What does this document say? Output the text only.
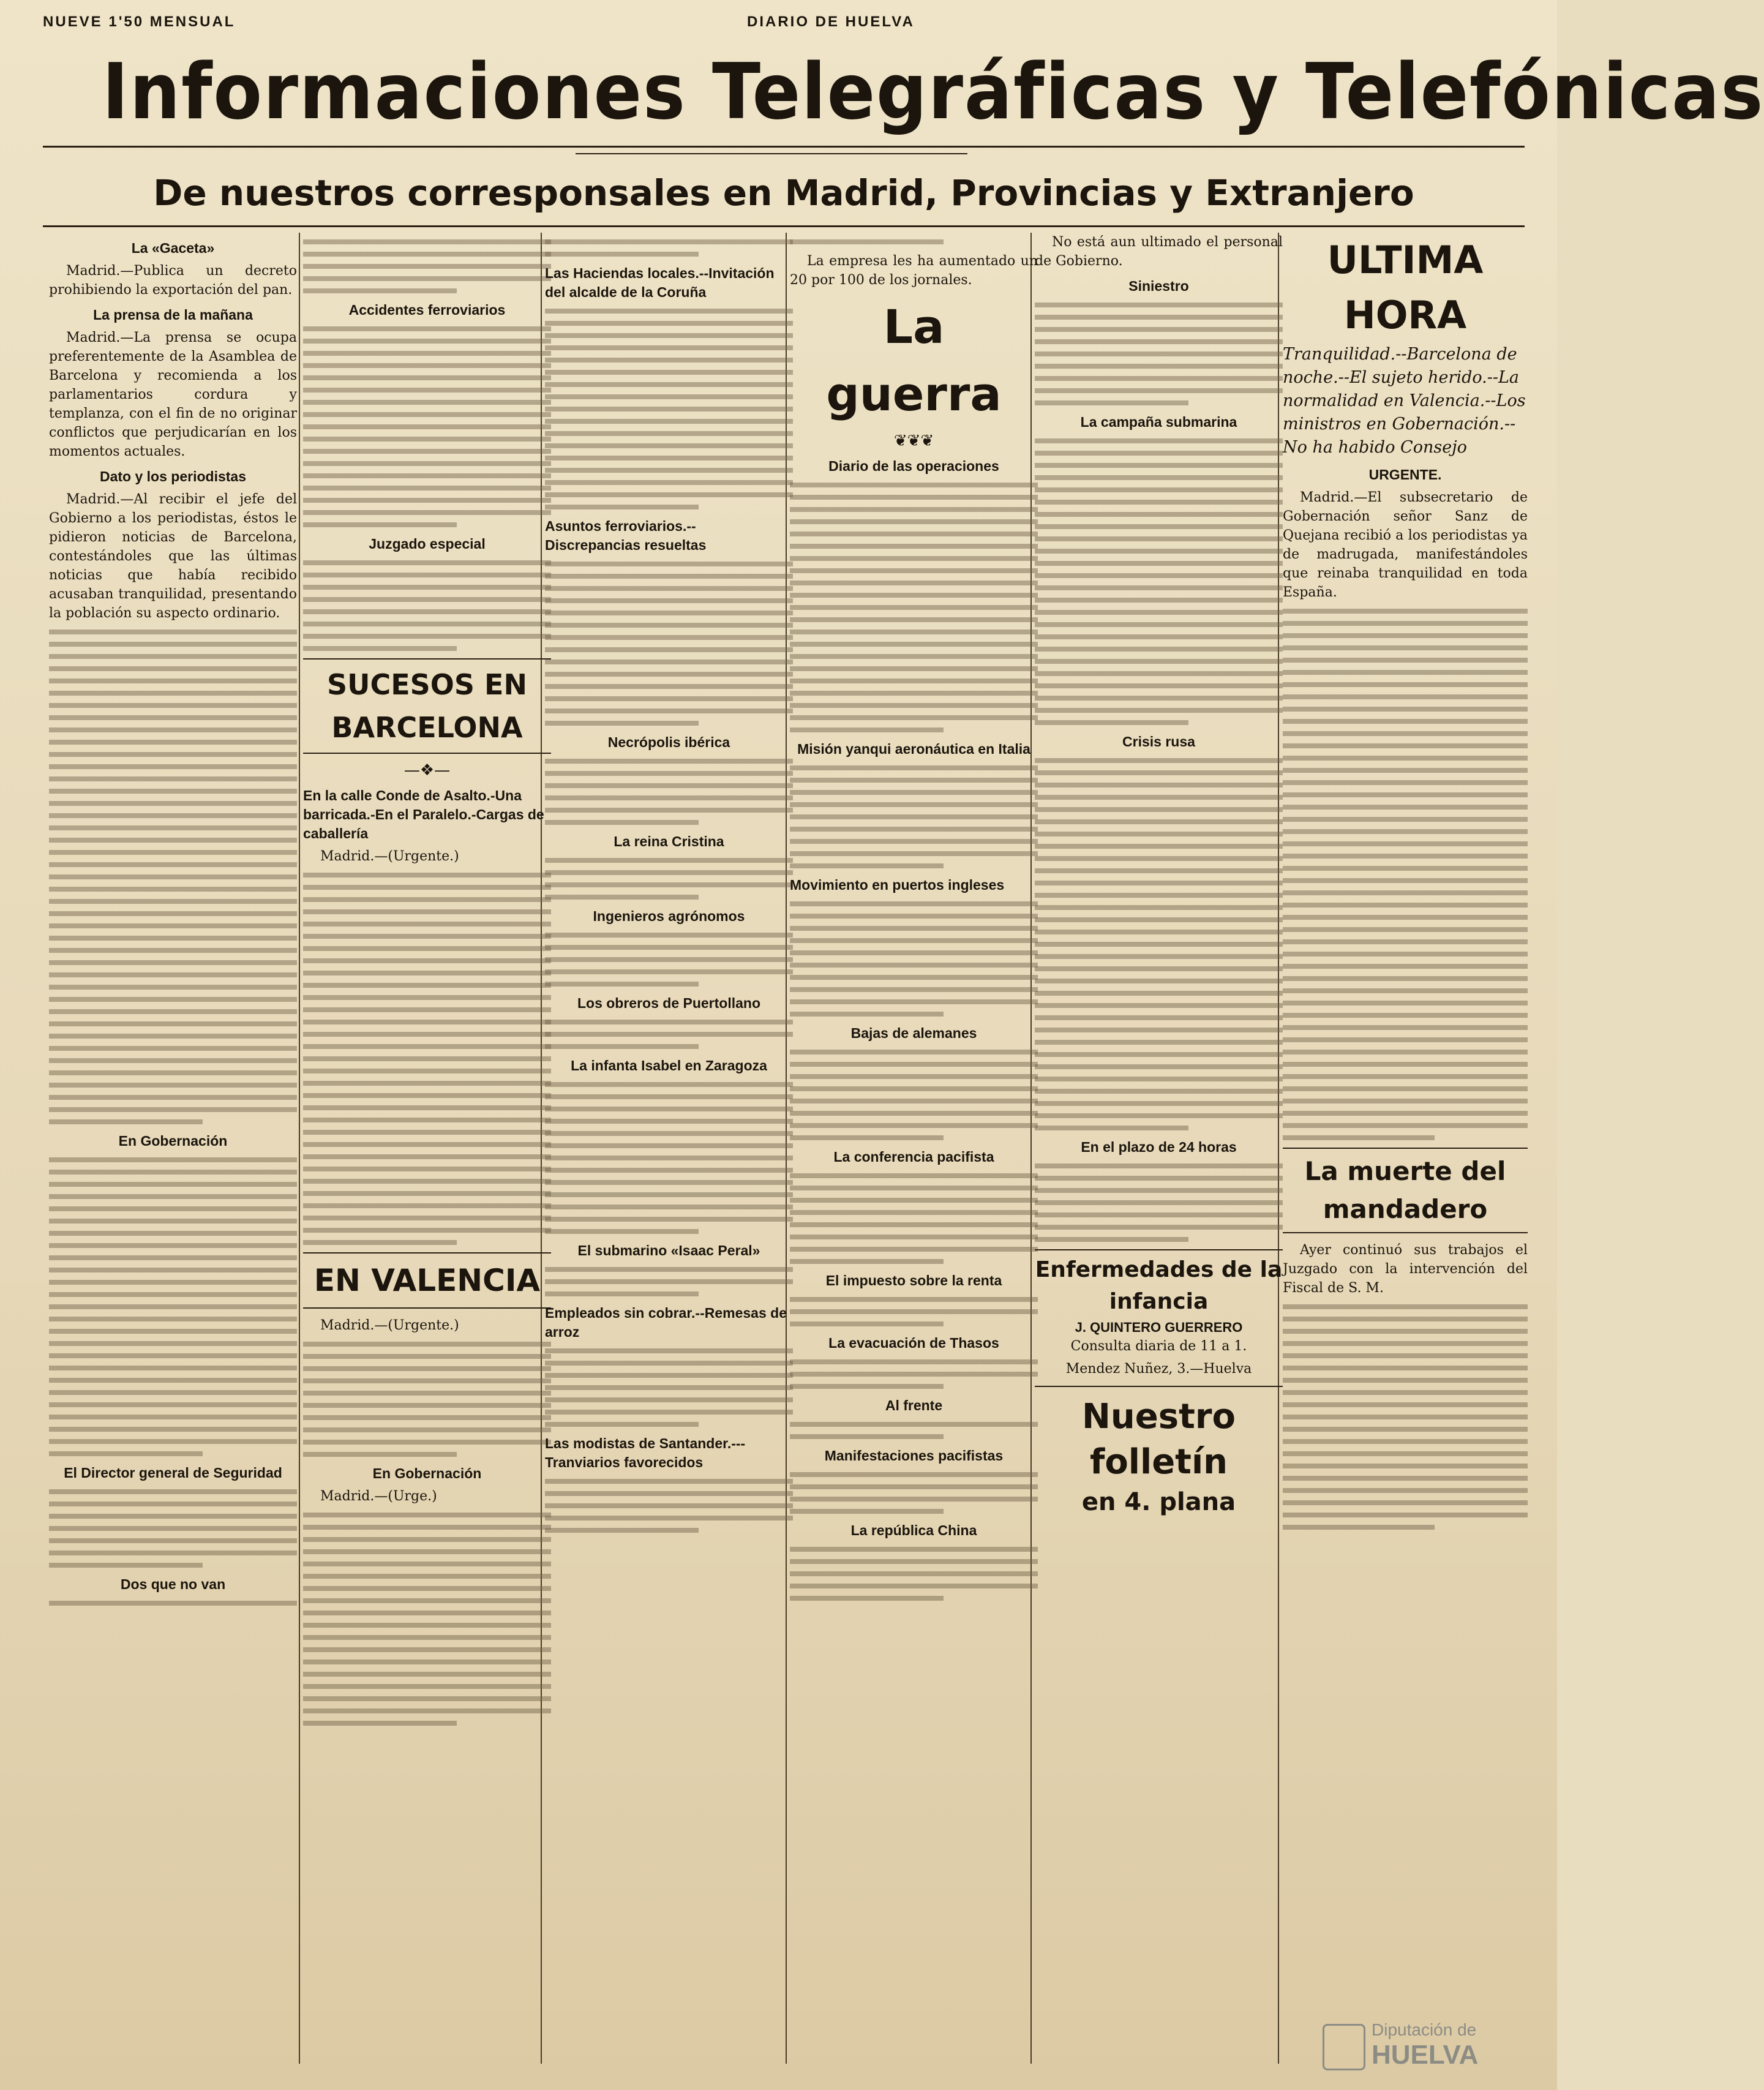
NUEVE 1'50 MENSUAL	DIARIO DE HUELVA
Informaciones Telegráficas y Telefónicas
De nuestros corresponsales en Madrid, Provincias y Extranjero
La «Gaceta»
Madrid.—Publica un decreto prohibiendo la exportación del pan.
La prensa de la mañana
Madrid.—La prensa se ocupa preferentemente de la Asamblea de Barcelona y recomienda a los parlamentarios cordura y templanza, con el fin de no originar conflictos que perjudicarían en los momentos actuales.
Dato y los periodistas
Madrid.—Al recibir el jefe del Gobierno a los periodistas, éstos le pidieron noticias de Barcelona, contestándoles que las últimas noticias que había recibido acusaban tranquilidad, presentando la población su aspecto ordinario.
En Gobernación
El Director general de Seguridad
Dos que no van
Accidentes ferroviarios
Juzgado especial
SUCESOS EN BARCELONA
—❖—
En la calle Conde de Asalto.-Una barricada.-En el Paralelo.-Cargas de caballería
Madrid.—(Urgente.)
EN VALENCIA
Madrid.—(Urgente.)
En Gobernación
Madrid.—(Urge.)
Las Haciendas locales.--Invitación del alcalde de la Coruña
Asuntos ferroviarios.-- Discrepancias resueltas
Necrópolis ibérica
La reina Cristina
Ingenieros agrónomos
Los obreros de Puertollano
La infanta Isabel en Zaragoza
El submarino «Isaac Peral»
Empleados sin cobrar.--Remesas de arroz
Las modistas de Santander.---Tranviarios favorecidos
La empresa les ha aumentado un 20 por 100 de los jornales.
La guerra
❦❦❦
Diario de las operaciones
Misión yanqui aeronáutica en Italia
Movimiento en puertos ingleses
Bajas de alemanes
La conferencia pacifista
El impuesto sobre la renta
La evacuación de Thasos
Al frente
Manifestaciones pacifistas
La república China
No está aun ultimado el personal de Gobierno.
Siniestro
La campaña submarina
Crisis rusa
En el plazo de 24 horas
Enfermedades de la infancia
J. QUINTERO GUERRERO
Consulta diaria de 11 a 1.
Mendez Nuñez, 3.—Huelva
Nuestro folletín
en 4. plana
ULTIMA HORA
Tranquilidad.--Barcelona de noche.--El sujeto herido.--La normalidad en Valencia.--Los ministros en Gobernación.--No ha habido Consejo
URGENTE.
Madrid.—El subsecretario de Gobernación señor Sanz de Quejana recibió a los periodistas ya de madrugada, manifestándoles que reinaba tranquilidad en toda España.
La muerte del mandadero
Ayer continuó sus trabajos el Juzgado con la intervención del Fiscal de S. M.
Diputación de
HUELVA
